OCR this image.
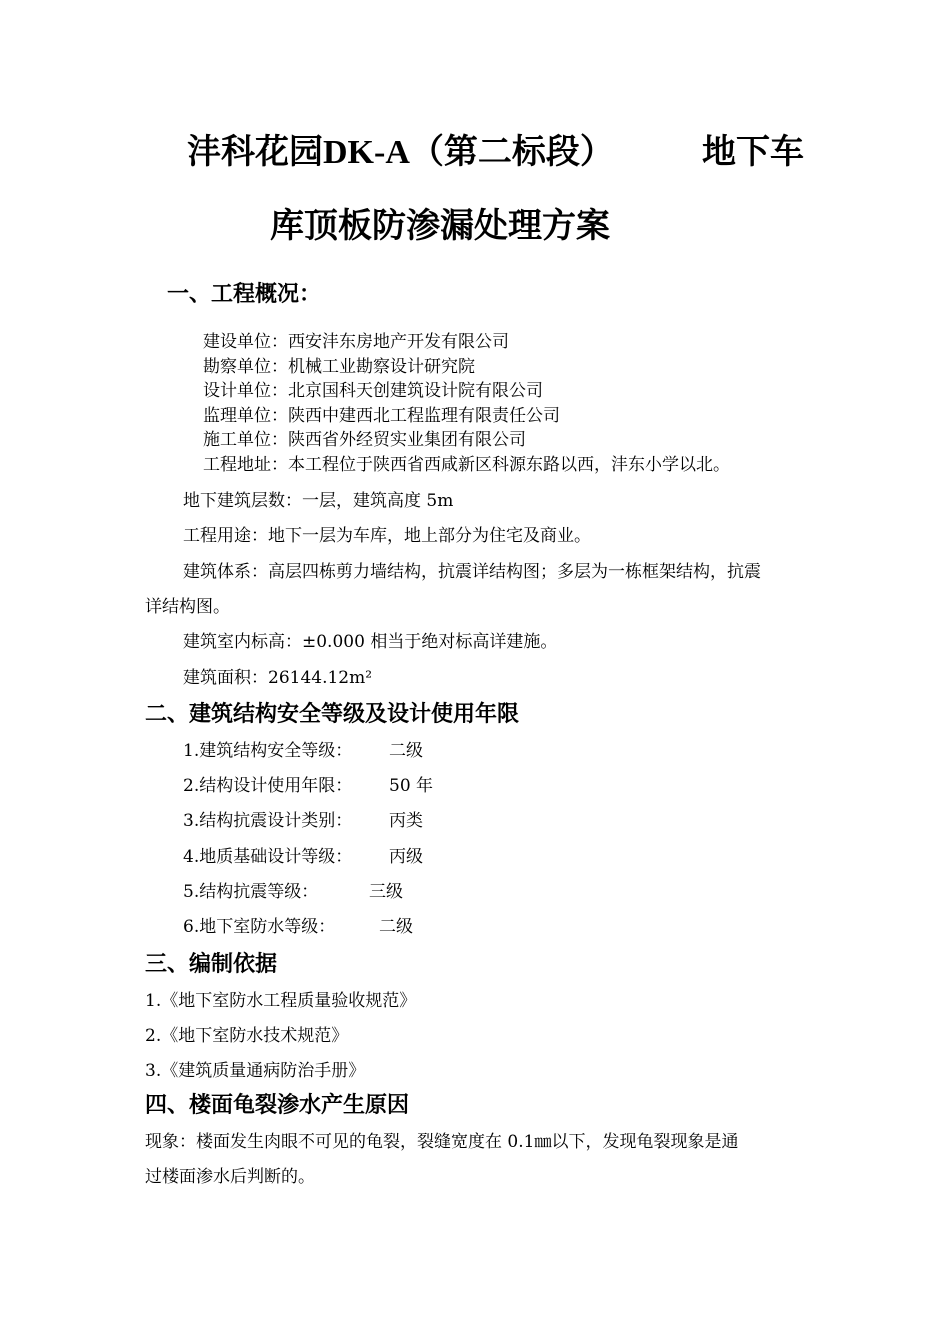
沣科花园DK-A（第二标段）	地下车
库顶板防渗漏处理方案
一、工程概况：
建设单位：西安沣东房地产开发有限公司
勘察单位：机械工业勘察设计研究院
设计单位：北京国科天创建筑设计院有限公司
监理单位：陕西中建西北工程监理有限责任公司
施工单位：陕西省外经贸实业集团有限公司
工程地址：本工程位于陕西省西咸新区科源东路以西，沣东小学以北。
地下建筑层数：一层，建筑高度 5m
工程用途：地下一层为车库，地上部分为住宅及商业。
建筑体系：高层四栋剪力墙结构，抗震详结构图；多层为一栋框架结构，抗震
详结构图。
建筑室内标高：±0.000 相当于绝对标高详建施。
建筑面积：26144.12m²
二、建筑结构安全等级及设计使用年限
1.建筑结构安全等级： 二级
2.结构设计使用年限： 50 年
3.结构抗震设计类别： 丙类
4.地质基础设计等级： 丙级
5.结构抗震等级：	三级
6.地下室防水等级：	二级
三、编制依据
1.《地下室防水工程质量验收规范》
2.《地下室防水技术规范》
3.《建筑质量通病防治手册》
四、楼面龟裂渗水产生原因
现象：楼面发生肉眼不可见的龟裂，裂缝宽度在 0.1㎜以下，发现龟裂现象是通
过楼面渗水后判断的。
